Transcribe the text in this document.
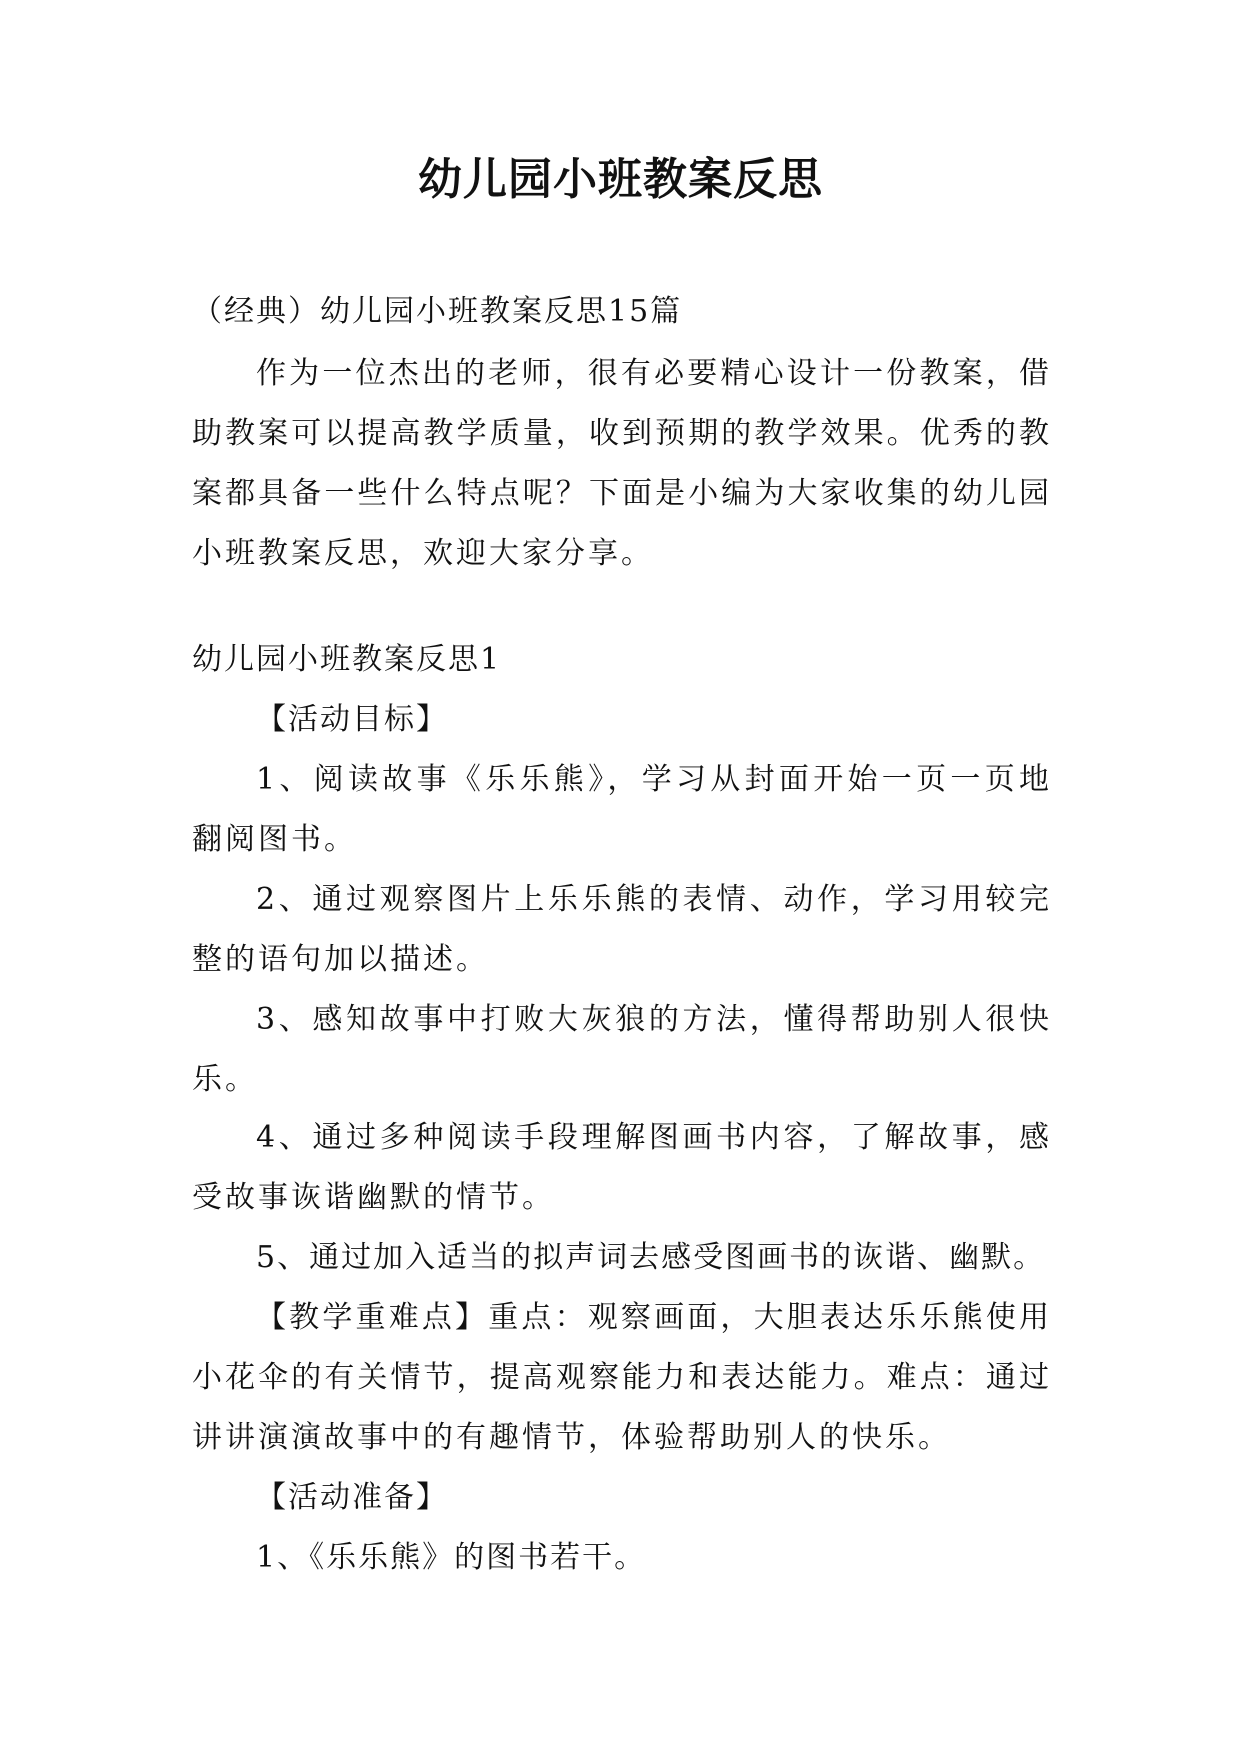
幼儿园小班教案反思
（经典）幼儿园小班教案反思15篇
作为一位杰出的老师，很有必要精心设计一份教案，借助教案可以提高教学质量，收到预期的教学效果。优秀的教案都具备一些什么特点呢？下面是小编为大家收集的幼儿园小班教案反思，欢迎大家分享。
幼儿园小班教案反思1
【活动目标】
1、阅读故事《乐乐熊》，学习从封面开始一页一页地翻阅图书。
2、通过观察图片上乐乐熊的表情、动作，学习用较完整的语句加以描述。
3、感知故事中打败大灰狼的方法，懂得帮助别人很快乐。
4、通过多种阅读手段理解图画书内容，了解故事，感受故事诙谐幽默的情节。
5、通过加入适当的拟声词去感受图画书的诙谐、幽默。
【教学重难点】重点：观察画面，大胆表达乐乐熊使用小花伞的有关情节，提高观察能力和表达能力。难点：通过讲讲演演故事中的有趣情节，体验帮助别人的快乐。
【活动准备】
1、《乐乐熊》的图书若干。
